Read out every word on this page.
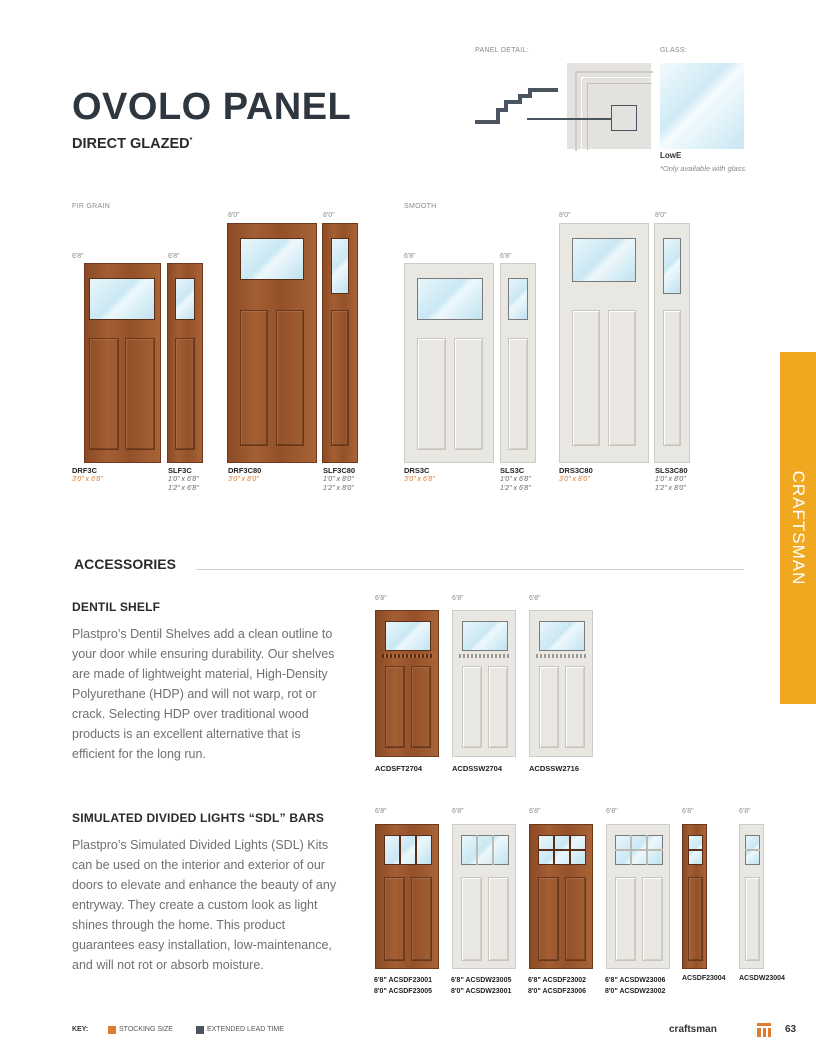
PANEL DETAIL:	GLASS:
OVOLO PANEL
DIRECT GLAZED*
LowE
*Only available with glass.
FIR GRAIN
6'8"	6'8"
8'0"	8'0"
DRF3C
3'0" x 6'8"
SLF3C
1'0" x 6'8"
1'2" x 6'8"
DRF3C80
3'0" x 8'0"
SLF3C80
1'0" x 8'0"
1'2" x 8'0"
SMOOTH
6'8"	6'8"
8'0"	8'0"
DRS3C
3'0" x 6'8"
SLS3C
1'0" x 6'8"
1'2" x 6'8"
DRS3C80
3'0" x 8'0"
SLS3C80
1'0" x 8'0"
1'2" x 8'0"	CRAFTSMAN
ACCESSORIES
DENTIL SHELF
Plastpro’s Dentil Shelves add a clean outline to your door while ensuring durability. Our shelves are made of lightweight material, High-Density Polyurethane (HDP) and will not warp, rot or crack. Selecting HDP over traditional wood products is an excellent alternative that is efficient for the long run.
6'8"	6'8"	6'8"
ACDSFT2704	ACDSSW2704	ACDSSW2716
SIMULATED DIVIDED LIGHTS “SDL” BARS
Plastpro’s Simulated Divided Lights (SDL) Kits can be used on the interior and exterior of our doors to elevate and enhance the beauty of any entryway. They create a custom look as light shines through the home. This product guarantees easy installation, low-maintenance, and will not rot or absorb moisture.
6'8"	6'8"	6'8"	6'8"	6'8"	6'8"
6'8" ACSDF23001
8'0" ACSDF23005
6'8" ACSDW23005
8'0" ACSDW23001
6'8" ACSDF23002
8'0" ACSDF23006
6'8" ACSDW23006
8'0" ACSDW23002
ACSDF23004 ACSDW23004
KEY:	STOCKING SIZE	EXTENDED LEAD TIME	craftsman	63
